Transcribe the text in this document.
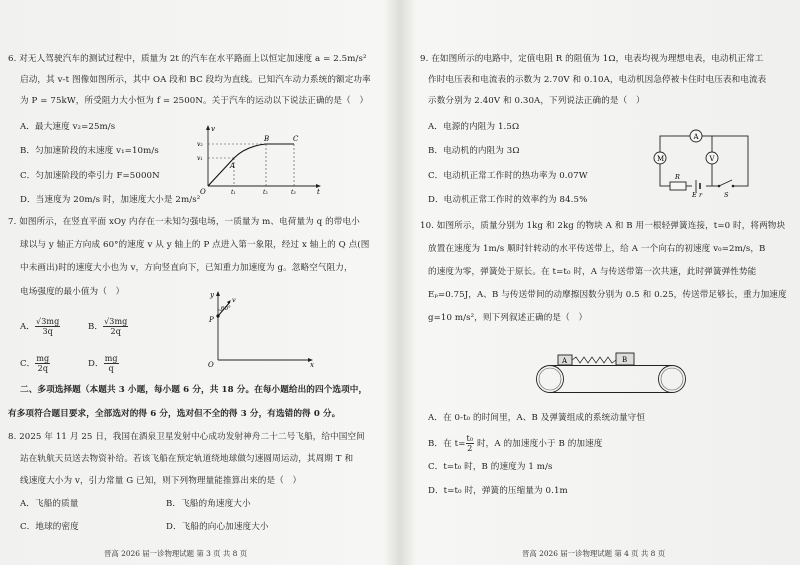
6. 对无人驾驶汽车的测试过程中，质量为 2t 的汽车在水平路面上以恒定加速度 a = 2.5m/s²
启动，其 v-t 图像如图所示，其中 OA 段和 BC 段均为直线。已知汽车动力系统的额定功率
为 P = 75kW，所受阻力大小恒为 f = 2500N。关于汽车的运动以下说法正确的是（　）
A．最大速度 v₂=25m/s
B．匀加速阶段的末速度 v₁=10m/s
C．匀加速阶段的牵引力 F=5000N
D．当速度为 20m/s 时，加速度大小是 2m/s²
v
t
O
v₂
v₁
A
B	C
t₁	t₂	t₃
7. 如图所示，在竖直平面 xOy 内存在一未知匀强电场，一质量为 m、电荷量为 q 的带电小
球以与 y 轴正方向成 60°的速度 v 从 y 轴上的 P 点进入第一象限，经过 x 轴上的 Q 点(图
中未画出)时的速度大小也为 v，方向竖直向下，已知重力加速度为 g。忽略空气阻力，
电场强度的最小值为（　）
A． $\frac{√3mg}{3q}$	B． $\frac{√3mg}{2q}$
C． $\frac{mg}{2q}$	D． $\frac{mg}{q}$
y
x
O
P
60°
v
二、多项选择题（本题共 3 小题，每小题 6 分，共 18 分。在每小题给出的四个选项中，
有多项符合题目要求，全部选对的得 6 分，选对但不全的得 3 分，有选错的得 0 分。
8. 2025 年 11 月 25 日，我国在酒泉卫星发射中心成功发射神舟二十二号飞船，给中国空间
站在轨航天员送去物资补给。若该飞船在预定轨道绕地球做匀速圆周运动，其周期 T 和
线速度大小为 v，引力常量 G 已知，则下列物理量能推算出来的是（　）
A．飞船的质量	B．飞船的角速度大小
C．地球的密度	D．飞船的向心加速度大小
晋高 2026 届一诊物理试题 第 3 页 共 8 页
9. 在如图所示的电路中，定值电阻 R 的阻值为 1Ω，电表均视为理想电表，电动机正常工
作时电压表和电流表的示数为 2.70V 和 0.10A，电动机因急停被卡住时电压表和电流表
示数分别为 2.40V 和 0.30A，下列说法正确的是（　）
A．电源的内阻为 1.5Ω
B．电动机的内阻为 3Ω
C．电动机正常工作时的热功率为 0.07W
D．电动机正常工作时的效率约为 84.5%
A
M	V
R
E r	S
10. 如图所示，质量分别为 1kg 和 2kg 的物块 A 和 B 用一根轻弹簧连接，t=0 时，将两物块
放置在速度为 1m/s 顺时针转动的水平传送带上，给 A 一个向右的初速度 v₀=2m/s，B
的速度为零，弹簧处于原长。在 t=t₀ 时，A 与传送带第一次共速，此时弹簧弹性势能
Eₚ=0.75J，A、B 与传送带间的动摩擦因数分别为 0.5 和 0.25，传送带足够长，重力加速度
g=10 m/s²，则下列叙述正确的是（　）
A	B
A．在 0-t₀ 的时间里，A、B 及弹簧组成的系统动量守恒
B．在 $t= \frac{\text{t₀}}{2}$ 时，A 的加速度小于 B 的加速度
C．t=t₀ 时，B 的速度为 1 m/s
D．t=t₀ 时，弹簧的压缩量为 0.1m
晋高 2026 届一诊物理试题 第 4 页 共 8 页
